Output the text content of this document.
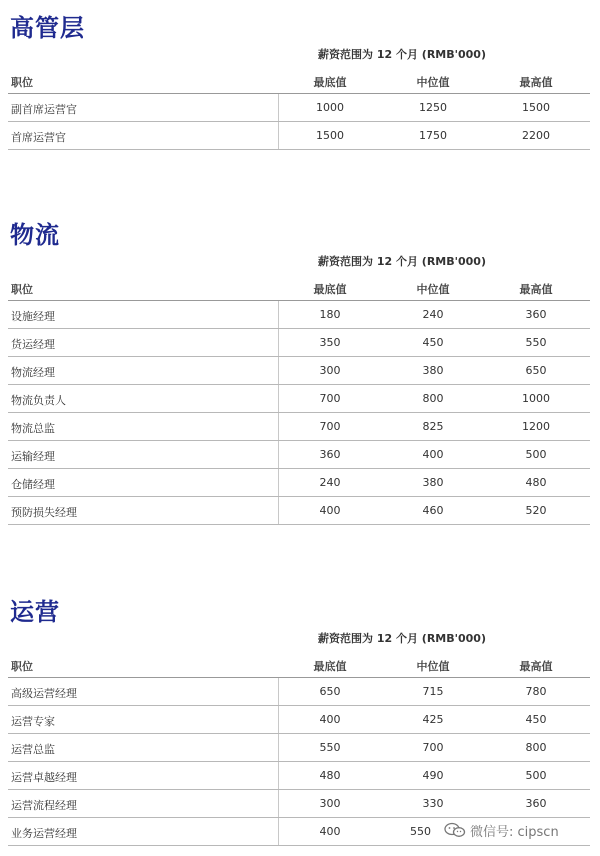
高管层
薪资范围为 12 个月 (RMB'000)
职位	最底值	中位值	最高值
副首席运营官	1000	1250	1500
首席运营官	1500	1750	2200
物流
薪资范围为 12 个月 (RMB'000)
职位	最底值	中位值	最高值
设施经理	180	240	360
货运经理	350	450	550
物流经理	300	380	650
物流负责人	700	800	1000
物流总监	700	825	1200
运输经理	360	400	500
仓储经理	240	380	480
预防损失经理	400	460	520
运营
薪资范围为 12 个月 (RMB'000)
职位	最底值	中位值	最高值
高级运营经理	650	715	780
运营专家	400	425	450
运营总监	550	700	800
运营卓越经理	480	490	500
运营流程经理	300	330	360
业务运营经理	400	550	微信号: cipscn
